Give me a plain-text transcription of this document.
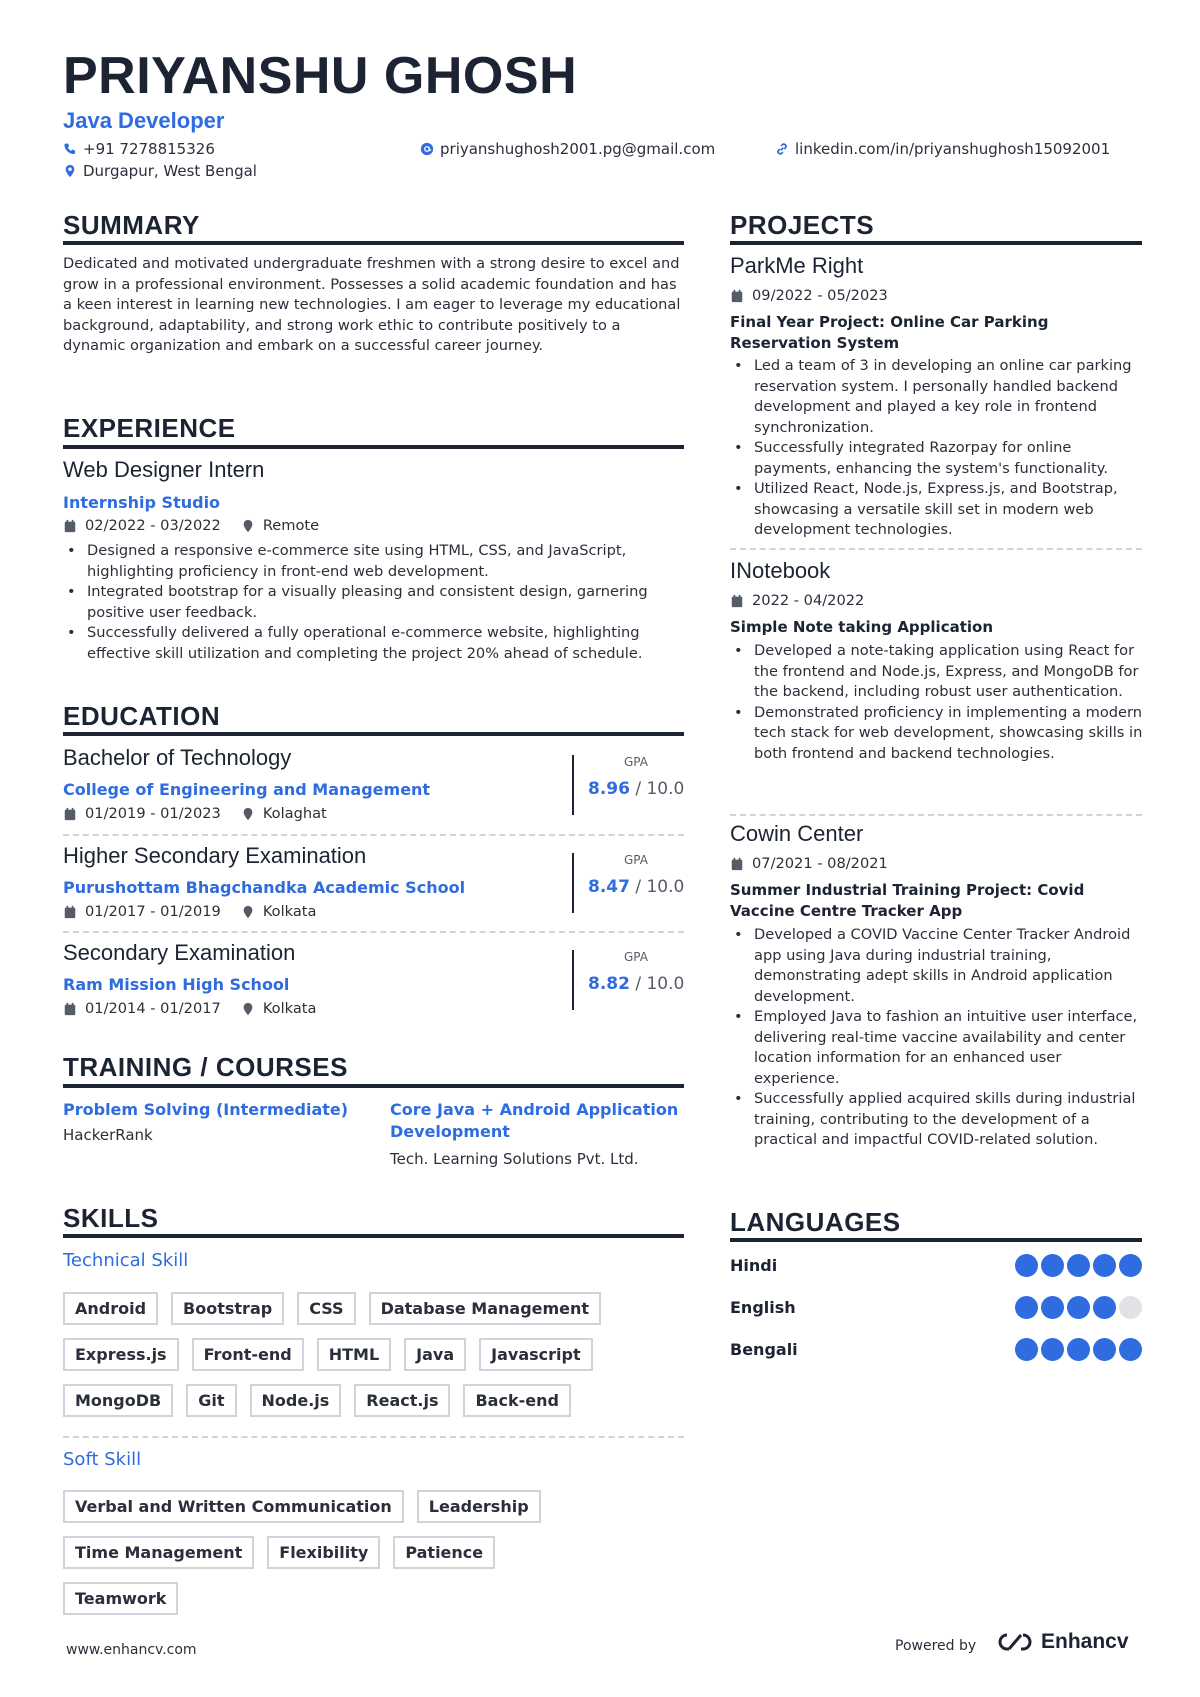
PRIYANSHU GHOSH
Java Developer
+91 7278815326	priyanshughosh2001.pg@gmail.com	linkedin.com/in/priyanshughosh15092001
Durgapur, West Bengal
SUMMARY
Dedicated and motivated undergraduate freshmen with a strong desire to excel and grow in a professional environment. Possesses a solid academic foundation and has a keen interest in learning new technologies. I am eager to leverage my educational background, adaptability, and strong work ethic to contribute positively to a dynamic organization and embark on a successful career journey.
EXPERIENCE
Web Designer Intern
Internship Studio
02/2022 - 03/2022	Remote
• Designed a responsive e-commerce site using HTML, CSS, and JavaScript, highlighting proficiency in front-end web development.
• Integrated bootstrap for a visually pleasing and consistent design, garnering positive user feedback.
• Successfully delivered a fully operational e-commerce website, highlighting effective skill utilization and completing the project 20% ahead of schedule.
EDUCATION
Bachelor of Technology
College of Engineering and Management
01/2019 - 01/2023	Kolaghat
GPA
8.96 / 10.0
Higher Secondary Examination
Purushottam Bhagchandka Academic School
01/2017 - 01/2019	Kolkata
GPA
8.47 / 10.0
Secondary Examination
Ram Mission High School
01/2014 - 01/2017	Kolkata
GPA
8.82 / 10.0
TRAINING / COURSES
Problem Solving (Intermediate)
HackerRank
Core Java + Android Application Development
Tech. Learning Solutions Pvt. Ltd.
SKILLS
Technical Skill
Android	Bootstrap	CSS	Database Management
Express.js	Front-end	HTML	Java	Javascript
MongoDB	Git	Node.js	React.js	Back-end
Soft Skill
Verbal and Written Communication	Leadership
Time Management	Flexibility	Patience
Teamwork
PROJECTS
ParkMe Right
09/2022 - 05/2023
Final Year Project: Online Car Parking Reservation System
• Led a team of 3 in developing an online car parking reservation system. I personally handled backend development and played a key role in frontend synchronization.
• Successfully integrated Razorpay for online payments, enhancing the system's functionality.
• Utilized React, Node.js, Express.js, and Bootstrap, showcasing a versatile skill set in modern web development technologies.
INotebook
2022 - 04/2022
Simple Note taking Application
• Developed a note-taking application using React for the frontend and Node.js, Express, and MongoDB for the backend, including robust user authentication.
• Demonstrated proficiency in implementing a modern tech stack for web development, showcasing skills in both frontend and backend technologies.
Cowin Center
07/2021 - 08/2021
Summer Industrial Training Project: Covid Vaccine Centre Tracker App
• Developed a COVID Vaccine Center Tracker Android app using Java during industrial training, demonstrating adept skills in Android application development.
• Employed Java to fashion an intuitive user interface, delivering real-time vaccine availability and center location information for an enhanced user experience.
• Successfully applied acquired skills during industrial training, contributing to the development of a practical and impactful COVID-related solution.
LANGUAGES
Hindi
English
Bengali
www.enhancv.com	Powered by	Enhancv
